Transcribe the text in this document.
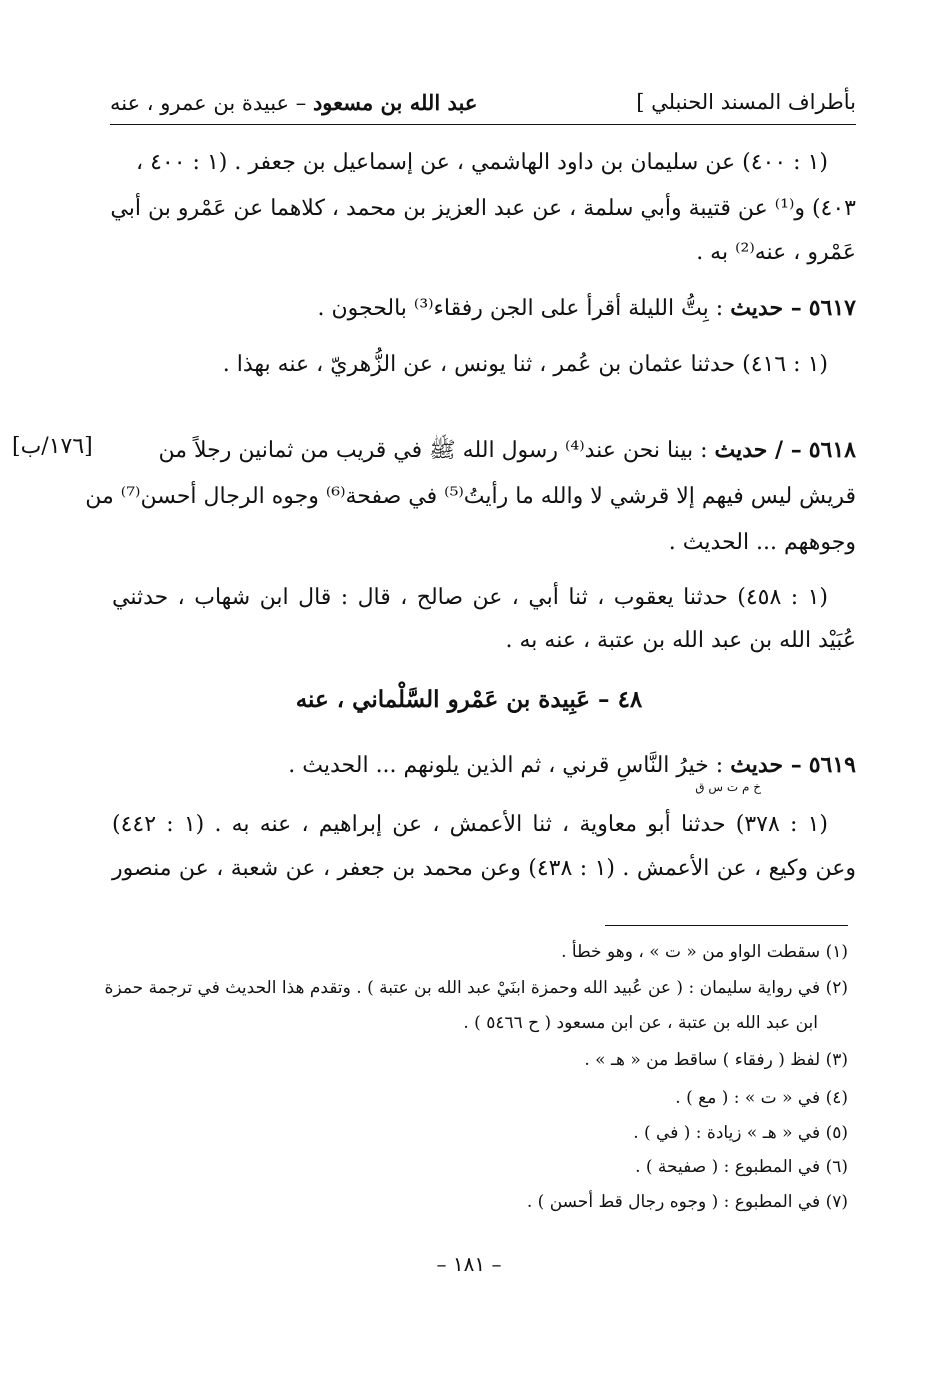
عبد الله بن مسعود – عبيدة بن عمرو ، عنه	بأطراف المسند الحنبلي ]
(١ : ٤٠٠) عن سليمان بن داود الهاشمي ، عن إسماعيل بن جعفر . (١ : ٤٠٠ ،
٤٠٣) و⁽¹⁾ عن قتيبة وأبي سلمة ، عن عبد العزيز بن محمد ، كلاهما عن عَمْرو بن أبي
عَمْرو ، عنه⁽²⁾ به .
٥٦١٧ – حديث : بِتُّ الليلة أقرأ على الجن رفقاء⁽³⁾ بالحجون .
(١ : ٤١٦) حدثنا عثمان بن عُمر ، ثنا يونس ، عن الزُّهريّ ، عنه بهذا .
٥٦١٨ – / حديث : بينا نحن عند⁽⁴⁾ رسول الله ﷺ في قريب من ثمانين رجلاً من
[١٧٦/ب]
قريش ليس فيهم إلا قرشي لا والله ما رأيتُ⁽⁵⁾ في صفحة⁽⁶⁾ وجوه الرجال أحسن⁽⁷⁾ من
وجوههم ... الحديث .
(١ : ٤٥٨) حدثنا يعقوب ، ثنا أبي ، عن صالح ، قال : قال ابن شهاب ، حدثني
عُبَيْد الله بن عبد الله بن عتبة ، عنه به .
٤٨ – عَبِيدة بن عَمْرو السَّلْماني ، عنه
٥٦١٩ – حديث : خيرُ النَّاسِ قرني ، ثم الذين يلونهم ... الحديث .
خ م ت س ق
(١ : ٣٧٨) حدثنا أبو معاوية ، ثنا الأعمش ، عن إبراهيم ، عنه به . (١ : ٤٤٢)
وعن وكيع ، عن الأعمش . (١ : ٤٣٨) وعن محمد بن جعفر ، عن شعبة ، عن منصور
(١) سقطت الواو من « ت » ، وهو خطأ .
(٢) في رواية سليمان : ( عن عُبيد الله وحمزة ابنَيْ عبد الله بن عتبة ) . وتقدم هذا الحديث في ترجمة حمزة
ابن عبد الله بن عتبة ، عن ابن مسعود ( ح ٥٤٦٦ ) .
(٣) لفظ ( رفقاء ) ساقط من « هـ » .
(٤) في « ت » : ( مع ) .
(٥) في « هـ » زيادة : ( في ) .
(٦) في المطبوع : ( صفيحة ) .
(٧) في المطبوع : ( وجوه رجال قط أحسن ) .
– ١٨١ –
